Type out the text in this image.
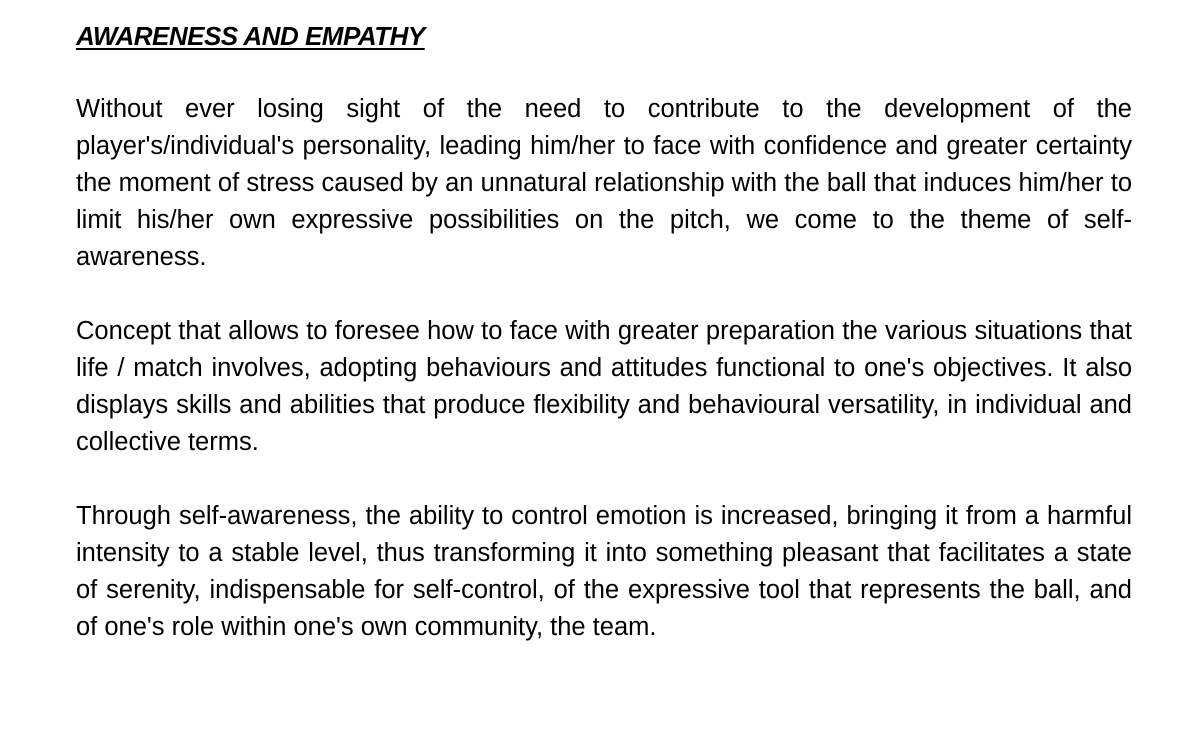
AWARENESS AND EMPATHY

Without ever losing sight of the need to contribute to the development of the player's/individual's personality, leading him/her to face with confidence and greater certainty the moment of stress caused by an unnatural relationship with the ball that induces him/her to limit his/her own expressive possibilities on the pitch, we come to the theme of self-awareness.

Concept that allows to foresee how to face with greater preparation the various situations that life / match involves, adopting behaviours and attitudes functional to one's objectives. It also displays skills and abilities that produce flexibility and behavioural versatility, in individual and collective terms.

Through self-awareness, the ability to control emotion is increased, bringing it from a harmful intensity to a stable level, thus transforming it into something pleasant that facilitates a state of serenity, indispensable for self-control, of the expressive tool that represents the ball, and of one's role within one's own community, the team.
